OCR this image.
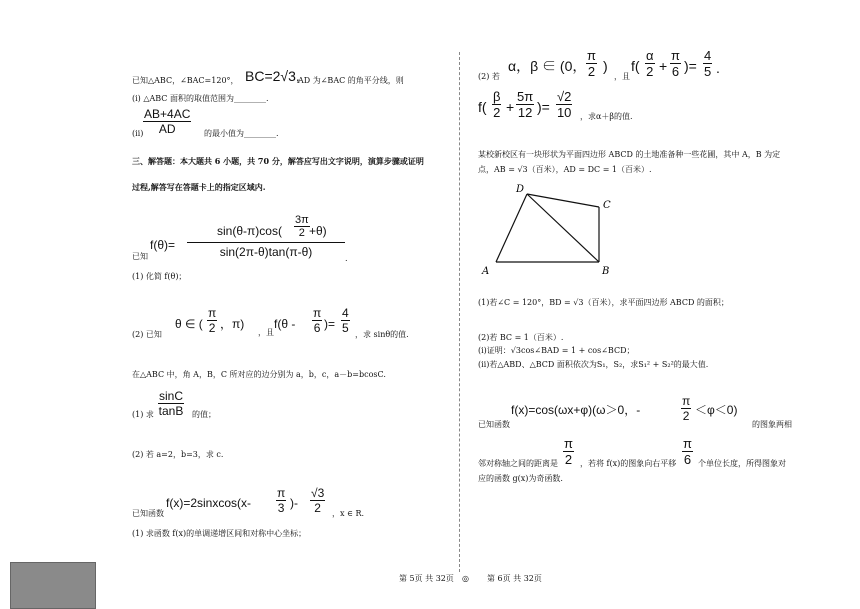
已知△ABC，∠BAC=120°， BC=2√3,
AD 为∠BAC 的角平分线，则
(ⅰ) △ABC 面积的取值范围为________.
(ⅱ) $\frac{AB+4AC}{AD}$ 的最小值为________.
三、解答题：本大题共 6 小题，共 70 分，解答应写出文字说明，演算步骤或证明
过程,解答写在答题卡上的指定区域内.
已知
$f(\theta)= \frac{\sin(\theta-\pi)\cos( \frac{3\pi}{2} +\theta)}{\sin(2\pi-\theta)\tan(\pi-\theta)}$ .
(1) 化简 f(θ)；
(2) 已知
θ ∈ ( $\frac{\pi}{2}$ ，π)
，且
$f(\theta - \frac{\pi}{6}$ )= $\frac{4}{5}$ ，求 sinθ的值.
在△ABC 中，角 A，B，C 所对应的边分别为 a，b，c，a－b=bcosC.
(1) 求 $\frac{\sin C}{\tan B}$ 的值；
(2) 若 a=2，b=3，求 c.
已知函数
f(x)=2sinxcos(x- $\frac{\pi}{3}$ )- $\frac{√3}{2}$ ，x ∈ R.
(1) 求函数 f(x)的单调递增区间和对称中心坐标；
(2) 若
α，β ∈ (0， $\frac{\pi}{2}$ )
，且
$f( \frac{\alpha}{2} + \frac{\pi}{6}$ )= $\frac{4}{5}$ .
$f( \frac{\beta}{2} + \frac{5\pi}{12}$ )= $\frac{√2}{10}$ ，求α＋β的值.
某校新校区有一块形状为平面四边形 ABCD 的土地准备种一些花圃，其中 A，B 为定
点，AB = √3（百米），AD = DC = 1（百米）.
D
C
A	B
(1)若∠C = 120°，BD = √3（百米），求平面四边形 ABCD 的面积；
(2)若 BC = 1（百米）.
(ⅰ)证明：√3cos∠BAD = 1 + cos∠BCD；
(ⅱ)若△ABD、△BCD 面积依次为S₁，S₂，求S₁² + S₂²的最大值.
已知函数
f(x)=cos(ωx+φ)(ω＞0，-	$\frac{\pi}{2} <\varphi<0$)
的图象两相
邻对称轴之间的距离是 $\frac{\pi}{2}$ ，若将 f(x)的图象向右平移 $\frac{\pi}{6}$ 个单位长度，所得图象对
应的函数 g(x)为奇函数.
第 5页 共 32页 ◎ 第 6页 共 32页
